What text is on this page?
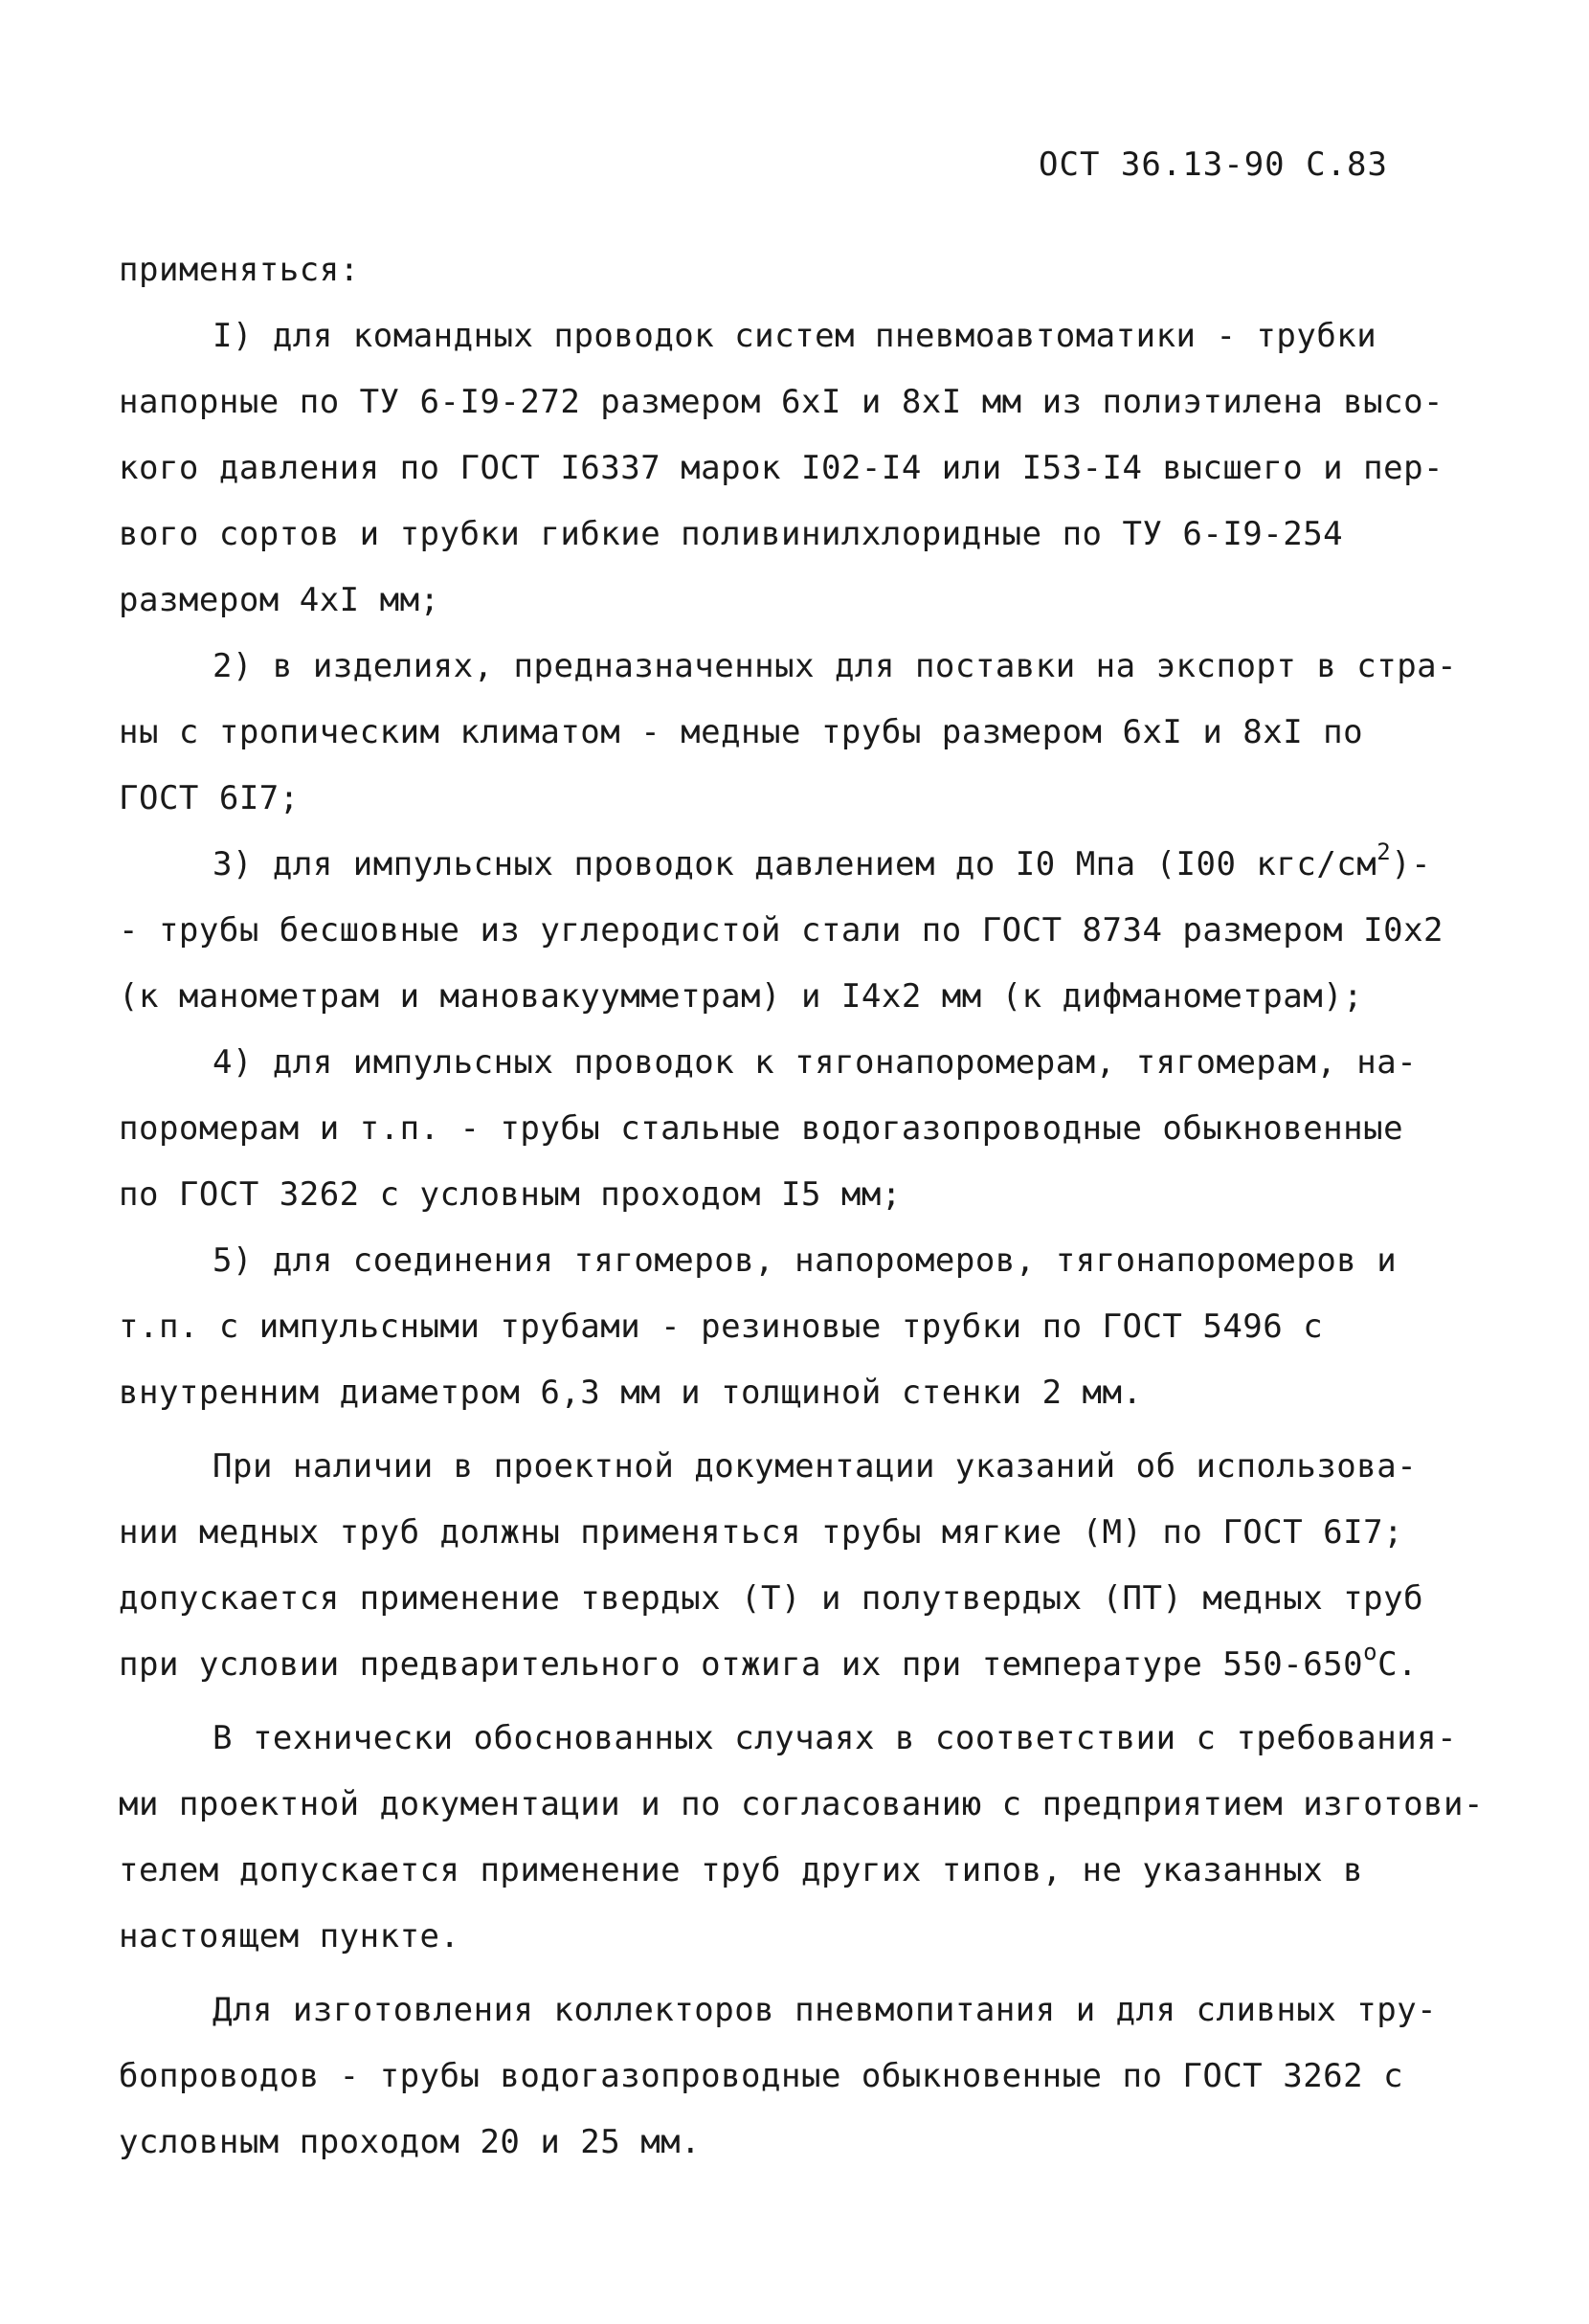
ОСТ 36.13-90 С.83
применяться:
I) для командных проводок систем пневмоавтоматики - трубки
напорные по ТУ 6-I9-272 размером 6хI и 8хI мм из полиэтилена высо-
кого давления по ГОСТ I6337 марок I02-I4 или I53-I4 высшего и пер-
вого сортов и трубки гибкие поливинилхлоридные по ТУ 6-I9-254
размером 4хI мм;
2) в изделиях, предназначенных для поставки на экспорт в стра-
ны с тропическим климатом - медные трубы размером 6хI и 8хI по
ГОСТ 6I7;
3) для импульсных проводок давлением до I0 Мпа (I00 кгс/$см^2)-$
- трубы бесшовные из углеродистой стали по ГОСТ 8734 размером I0х2
(к манометрам и мановакуумметрам) и I4х2 мм (к дифманометрам);
4) для импульсных проводок к тягонапоромерам, тягомерам, на-
поромерам и т.п. - трубы стальные водогазопроводные обыкновенные
по ГОСТ 3262 с условным проходом I5 мм;
5) для соединения тягомеров, напоромеров, тягонапоромеров и
т.п. с импульсными трубами - резиновые трубки по ГОСТ 5496 с
внутренним диаметром 6,3 мм и толщиной стенки 2 мм.
При наличии в проектной документации указаний об использова-
нии медных труб должны применяться трубы мягкие (М) по ГОСТ 6I7;
допускается применение твердых (Т) и полутвердых (ПТ) медных труб
при условии предварительного отжига их при температуре $550-650^оС$.
В технически обоснованных случаях в соответствии с требования-
ми проектной документации и по согласованию с предприятием изготови-
телем допускается применение труб других типов, не указанных в
настоящем пункте.
Для изготовления коллекторов пневмопитания и для сливных тру-
бопроводов - трубы водогазопроводные обыкновенные по ГОСТ 3262 с
условным проходом 20 и 25 мм.
